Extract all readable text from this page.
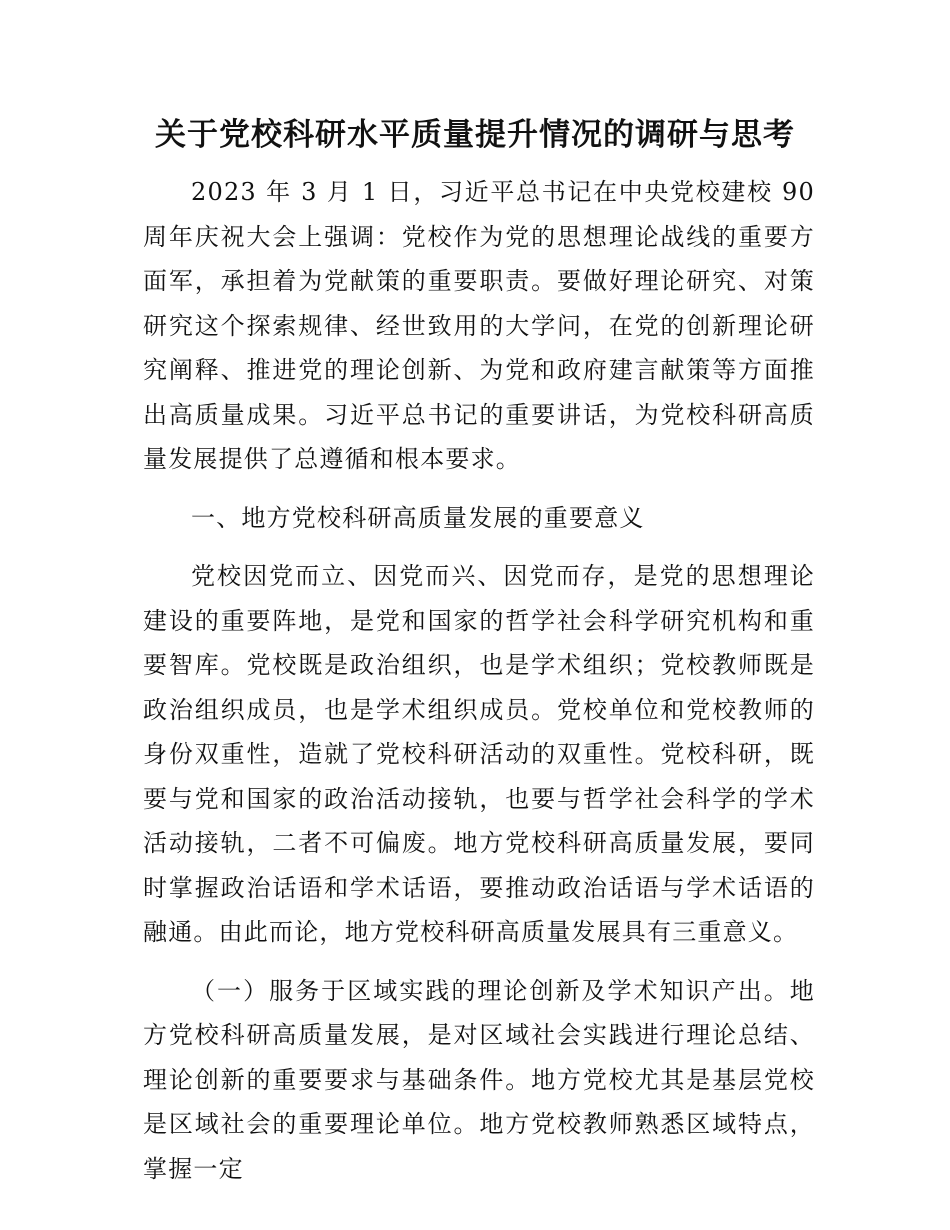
关于党校科研水平质量提升情况的调研与思考

2023 年 3 月 1 日，习近平总书记在中央党校建校 90 周年庆祝大会上强调：党校作为党的思想理论战线的重要方面军，承担着为党献策的重要职责。要做好理论研究、对策研究这个探索规律、经世致用的大学问，在党的创新理论研究阐释、推进党的理论创新、为党和政府建言献策等方面推出高质量成果。习近平总书记的重要讲话，为党校科研高质量发展提供了总遵循和根本要求。

一、地方党校科研高质量发展的重要意义

党校因党而立、因党而兴、因党而存，是党的思想理论建设的重要阵地，是党和国家的哲学社会科学研究机构和重要智库。党校既是政治组织，也是学术组织；党校教师既是政治组织成员，也是学术组织成员。党校单位和党校教师的身份双重性，造就了党校科研活动的双重性。党校科研，既要与党和国家的政治活动接轨，也要与哲学社会科学的学术活动接轨，二者不可偏废。地方党校科研高质量发展，要同时掌握政治话语和学术话语，要推动政治话语与学术话语的融通。由此而论，地方党校科研高质量发展具有三重意义。

（一）服务于区域实践的理论创新及学术知识产出。地方党校科研高质量发展，是对区域社会实践进行理论总结、理论创新的重要要求与基础条件。地方党校尤其是基层党校是区域社会的重要理论单位。地方党校教师熟悉区域特点，掌握一定
